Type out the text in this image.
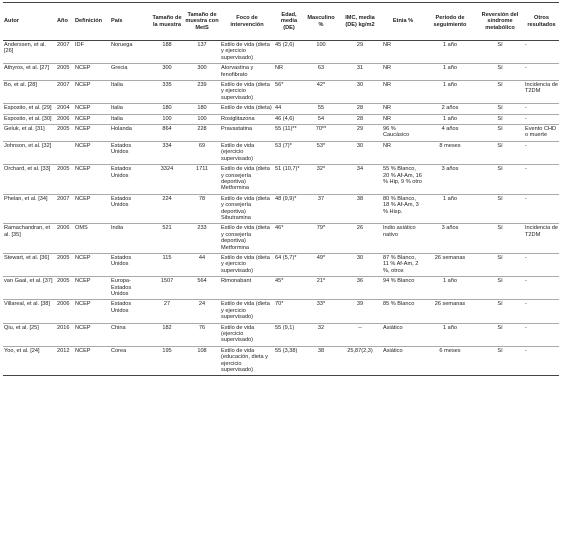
Autor	Año	Definición	País	Tamaño de la muestra	Tamaño de muestra con MetS	Foco de intervención	Edad, media (DE)	Masculino %	IMC, media (DE) kg/m2	Etnia %	Periodo de seguimiento	Reversión del síndrome metabólico	Otros resultados
Anderssen, et al. [26]	2007	IDF	Noruega	188	137	Estilo de vida (dieta y ejercicio supervisado)	45 (2,6)	100	29	NR	1 año	Sí	-
Athyros, et al. [27]	2005	NCEP	Grecia	300	300	Atorvastina y fenofibrato	NR	63	31	NR	1 año	Sí	-
Bo, et al. [28]	2007	NCEP	Italia	335	239	Estilo de vida (dieta y ejercicio supervisado)	56*	42*	30	NR	1 año	Sí	Incidencia de T2DM
Esposito, et al. [29]	2004	NCEP	Italia	180	180	Estilo de vida (dieta)	44	55	28	NR	2 años	Sí	-
Esposito, et al. [30]	2006	NCEP	Italia	100	100	Rosiglitazona	46 (4,6)	54	28	NR	1 año	Sí	-
Geluk, et al. [31]	2005	NCEP	Holanda	864	228	Pravastatina	55 (11)**	70**	29	96 % Caucásico	4 años	Sí	Evento CHD o muerte
Johnson, et al. [32]		NCEP	Estados Unidos	334	69	Estilo de vida (ejercicio supervisado)	53 (7)*	53*	30	NR	8 meses	Sí	-
Orchard, et al. [33]	2005	NCEP	Estados Unidos	3324	1711	Estilo de vida (dieta y consejería deportiva) Metformina	51 (10,7)*	32*	34	55 % Blanco, 20 % Af-Am, 16 % Hip, 9 % otro	3 años	Sí	-
Phelan, et al. [34]	2007	NCEP	Estados Unidos	224	78	Estilo de vida (dieta y consejería deportiva) Sibutramina	48 (9,9)*	37	38	80 % Blanco, 18 % Af-Am, 3 % Hisp.	1 año	Sí	-
Ramachandran, et al. [35]	2006	OMS	India	521	233	Estilo de vida (dieta y consejería deportiva) Metformina	46*	79*	26	Indio asiático nativo	3 años	Sí	Incidencia de T2DM
Stewart, et al. [36]	2005	NCEP	Estados Unidos	115	44	Estilo de vida (dieta y ejercicio supervisado)	64 (5,7)*	49*	30	87 % Blanco, 11 % Af-Am, 2 %, otros	26 semanas	Sí	-
van Gaal, et al. [37]	2005	NCEP	Europa-Estados Unidos	1507	564	Rimonabant	45*	21*	36	94 % Blanco	1 año	Sí	-
Villareal, et al. [38]	2006	NCEP	Estados Unidos	27	24	Estilo de vida (dieta y ejercicio supervisado)	70*	33*	39	85 % Blanco	26 semanas	Sí	-
Qiu, et al. [25]	2016	NCEP	China	182	76	Estilo de vida (ejercicio supervisado)	55 (9,1)	32	--	Asiático	1 año	Sí	-
Yoo, et al. [24]	2012	NCEP	Corea	195	108	Estilo de vida (educación, dieta y ejercicio supervisado)	55 (3,38)	38	25,87(2,3)	Asiático	6 meses	Sí	-
